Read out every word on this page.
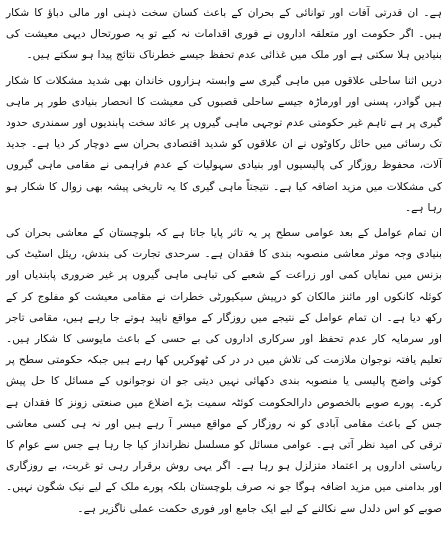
ہے۔ ان قدرتی آفات اور توانائی کے بحران کے باعث کسان سخت ذہنی اور مالی دباؤ کا شکار ہیں۔ اگر حکومت اور متعلقہ اداروں نے فوری اقدامات نہ کیے تو یہ صورتحال دیہی معیشت کی بنیادیں ہلا سکتی ہے اور ملک میں غذائی عدم تحفظ جیسے خطرناک نتائج پیدا ہو سکتے ہیں۔

دریں اثنا ساحلی علاقوں میں ماہی گیری سے وابستہ ہزاروں خاندان بھی شدید مشکلات کا شکار ہیں گوادر، پسنی اور اورماڑہ جیسے ساحلی قصبوں کی معیشت کا انحصار بنیادی طور پر ماہی گیری پر ہے تاہم غیر حکومتی عدم توجہی ماہی گیروں پر عائد سخت پابندیوں اور سمندری حدود تک رسائی میں حائل رکاوٹوں نے ان علاقوں کو شدید اقتصادی بحران سے دوچار کر دیا ہے۔ جدید آلات، محفوظ روزگار کی پالیسیوں اور بنیادی سہولیات کے عدم فراہمی نے مقامی ماہی گیروں کی مشکلات میں مزید اضافہ کیا ہے۔ نتیجتاً ماہی گیری کا یہ تاریخی پیشہ بھی زوال کا شکار ہو رہا ہے۔

ان تمام عوامل کے بعد عوامی سطح پر یہ تاثر پایا جاتا ہے کہ بلوچستان کے معاشی بحران کی بنیادی وجہ موثر معاشی منصوبہ بندی کا فقدان ہے۔ سرحدی تجارت کی بندش، ریئل اسٹیٹ کی بزنس میں نمایاں کمی اور زراعت کے شعبے کی تباہی ماہی گیروں پر غیر ضروری پابندیاں اور کوئلہ کانکوں اور مائنز مالکان کو درپیش سیکیورٹی خطرات نے مقامی معیشت کو مفلوج کر کے رکھ دیا ہے۔ ان تمام عوامل کے نتیجے میں روزگار کے مواقع ناپید ہوتے جا رہے ہیں، مقامی تاجر اور سرمایہ کار عدم تحفظ اور سرکاری اداروں کی بے حسی کے باعث مایوسی کا شکار ہیں۔ تعلیم یافتہ نوجوان ملازمت کی تلاش میں در در کی ٹھوکریں کھا رہے ہیں جبکہ حکومتی سطح پر کوئی واضح پالیسی یا منصوبہ بندی دکھائی نہیں دیتی جو ان نوجوانوں کے مسائل کا حل پیش کرے۔ پورے صوبے بالخصوص دارالحکومت کوئٹہ سمیت بڑے اضلاع میں صنعتی زونز کا فقدان ہے جس کے باعث مقامی آبادی کو نہ روزگار کے مواقع میسر آ رہے ہیں اور نہ ہی کسی معاشی ترقی کی امید نظر آتی ہے۔ عوامی مسائل کو مسلسل نظرانداز کیا جا رہا ہے جس سے عوام کا ریاستی اداروں پر اعتماد متزلزل ہو رہا ہے۔ اگر یہی روش برقرار رہی تو غربت، بے روزگاری اور بدامنی میں مزید اضافہ ہوگا جو نہ صرف بلوچستان بلکہ پورے ملک کے لیے نیک شگون نہیں۔ صوبے کو اس دلدل سے نکالنے کے لیے ایک جامع اور فوری حکمت عملی ناگزیر ہے۔
